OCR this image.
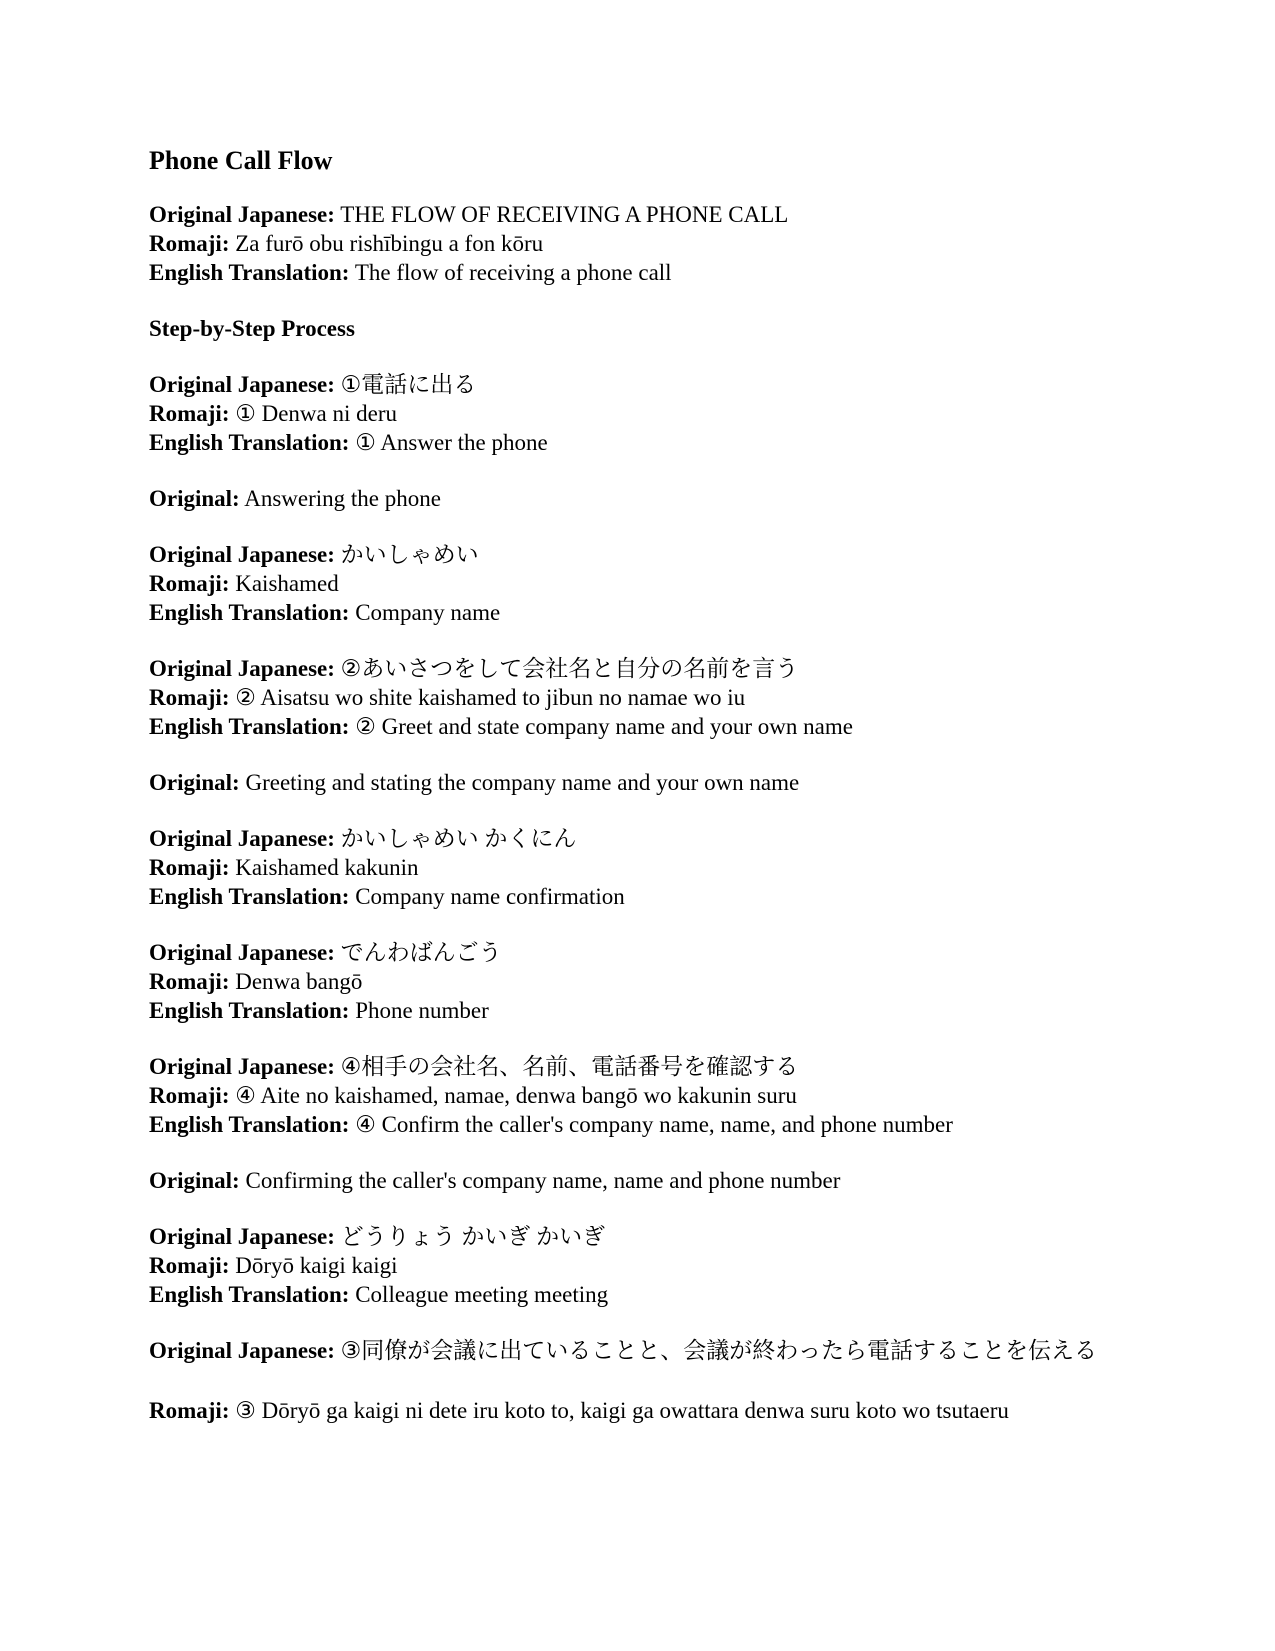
Phone Call Flow
Original Japanese: THE FLOW OF RECEIVING A PHONE CALL
Romaji: Za furō obu rishībingu a fon kōru
English Translation: The flow of receiving a phone call
Step-by-Step Process
Original Japanese: ①電話に出る
Romaji: ① Denwa ni deru
English Translation: ① Answer the phone
Original: Answering the phone
Original Japanese: かいしゃめい
Romaji: Kaishamed
English Translation: Company name
Original Japanese: ②あいさつをして会社名と自分の名前を言う
Romaji: ② Aisatsu wo shite kaishamed to jibun no namae wo iu
English Translation: ② Greet and state company name and your own name
Original: Greeting and stating the company name and your own name
Original Japanese: かいしゃめい かくにん
Romaji: Kaishamed kakunin
English Translation: Company name confirmation
Original Japanese: でんわばんごう
Romaji: Denwa bangō
English Translation: Phone number
Original Japanese: ④相手の会社名、名前、電話番号を確認する
Romaji: ④ Aite no kaishamed, namae, denwa bangō wo kakunin suru
English Translation: ④ Confirm the caller's company name, name, and phone number
Original: Confirming the caller's company name, name and phone number
Original Japanese: どうりょう かいぎ かいぎ
Romaji: Dōryō kaigi kaigi
English Translation: Colleague meeting meeting
Original Japanese: ③同僚が会議に出ていることと、会議が終わったら電話することを伝える
Romaji: ③ Dōryō ga kaigi ni dete iru koto to, kaigi ga owattara denwa suru koto wo tsutaeru
